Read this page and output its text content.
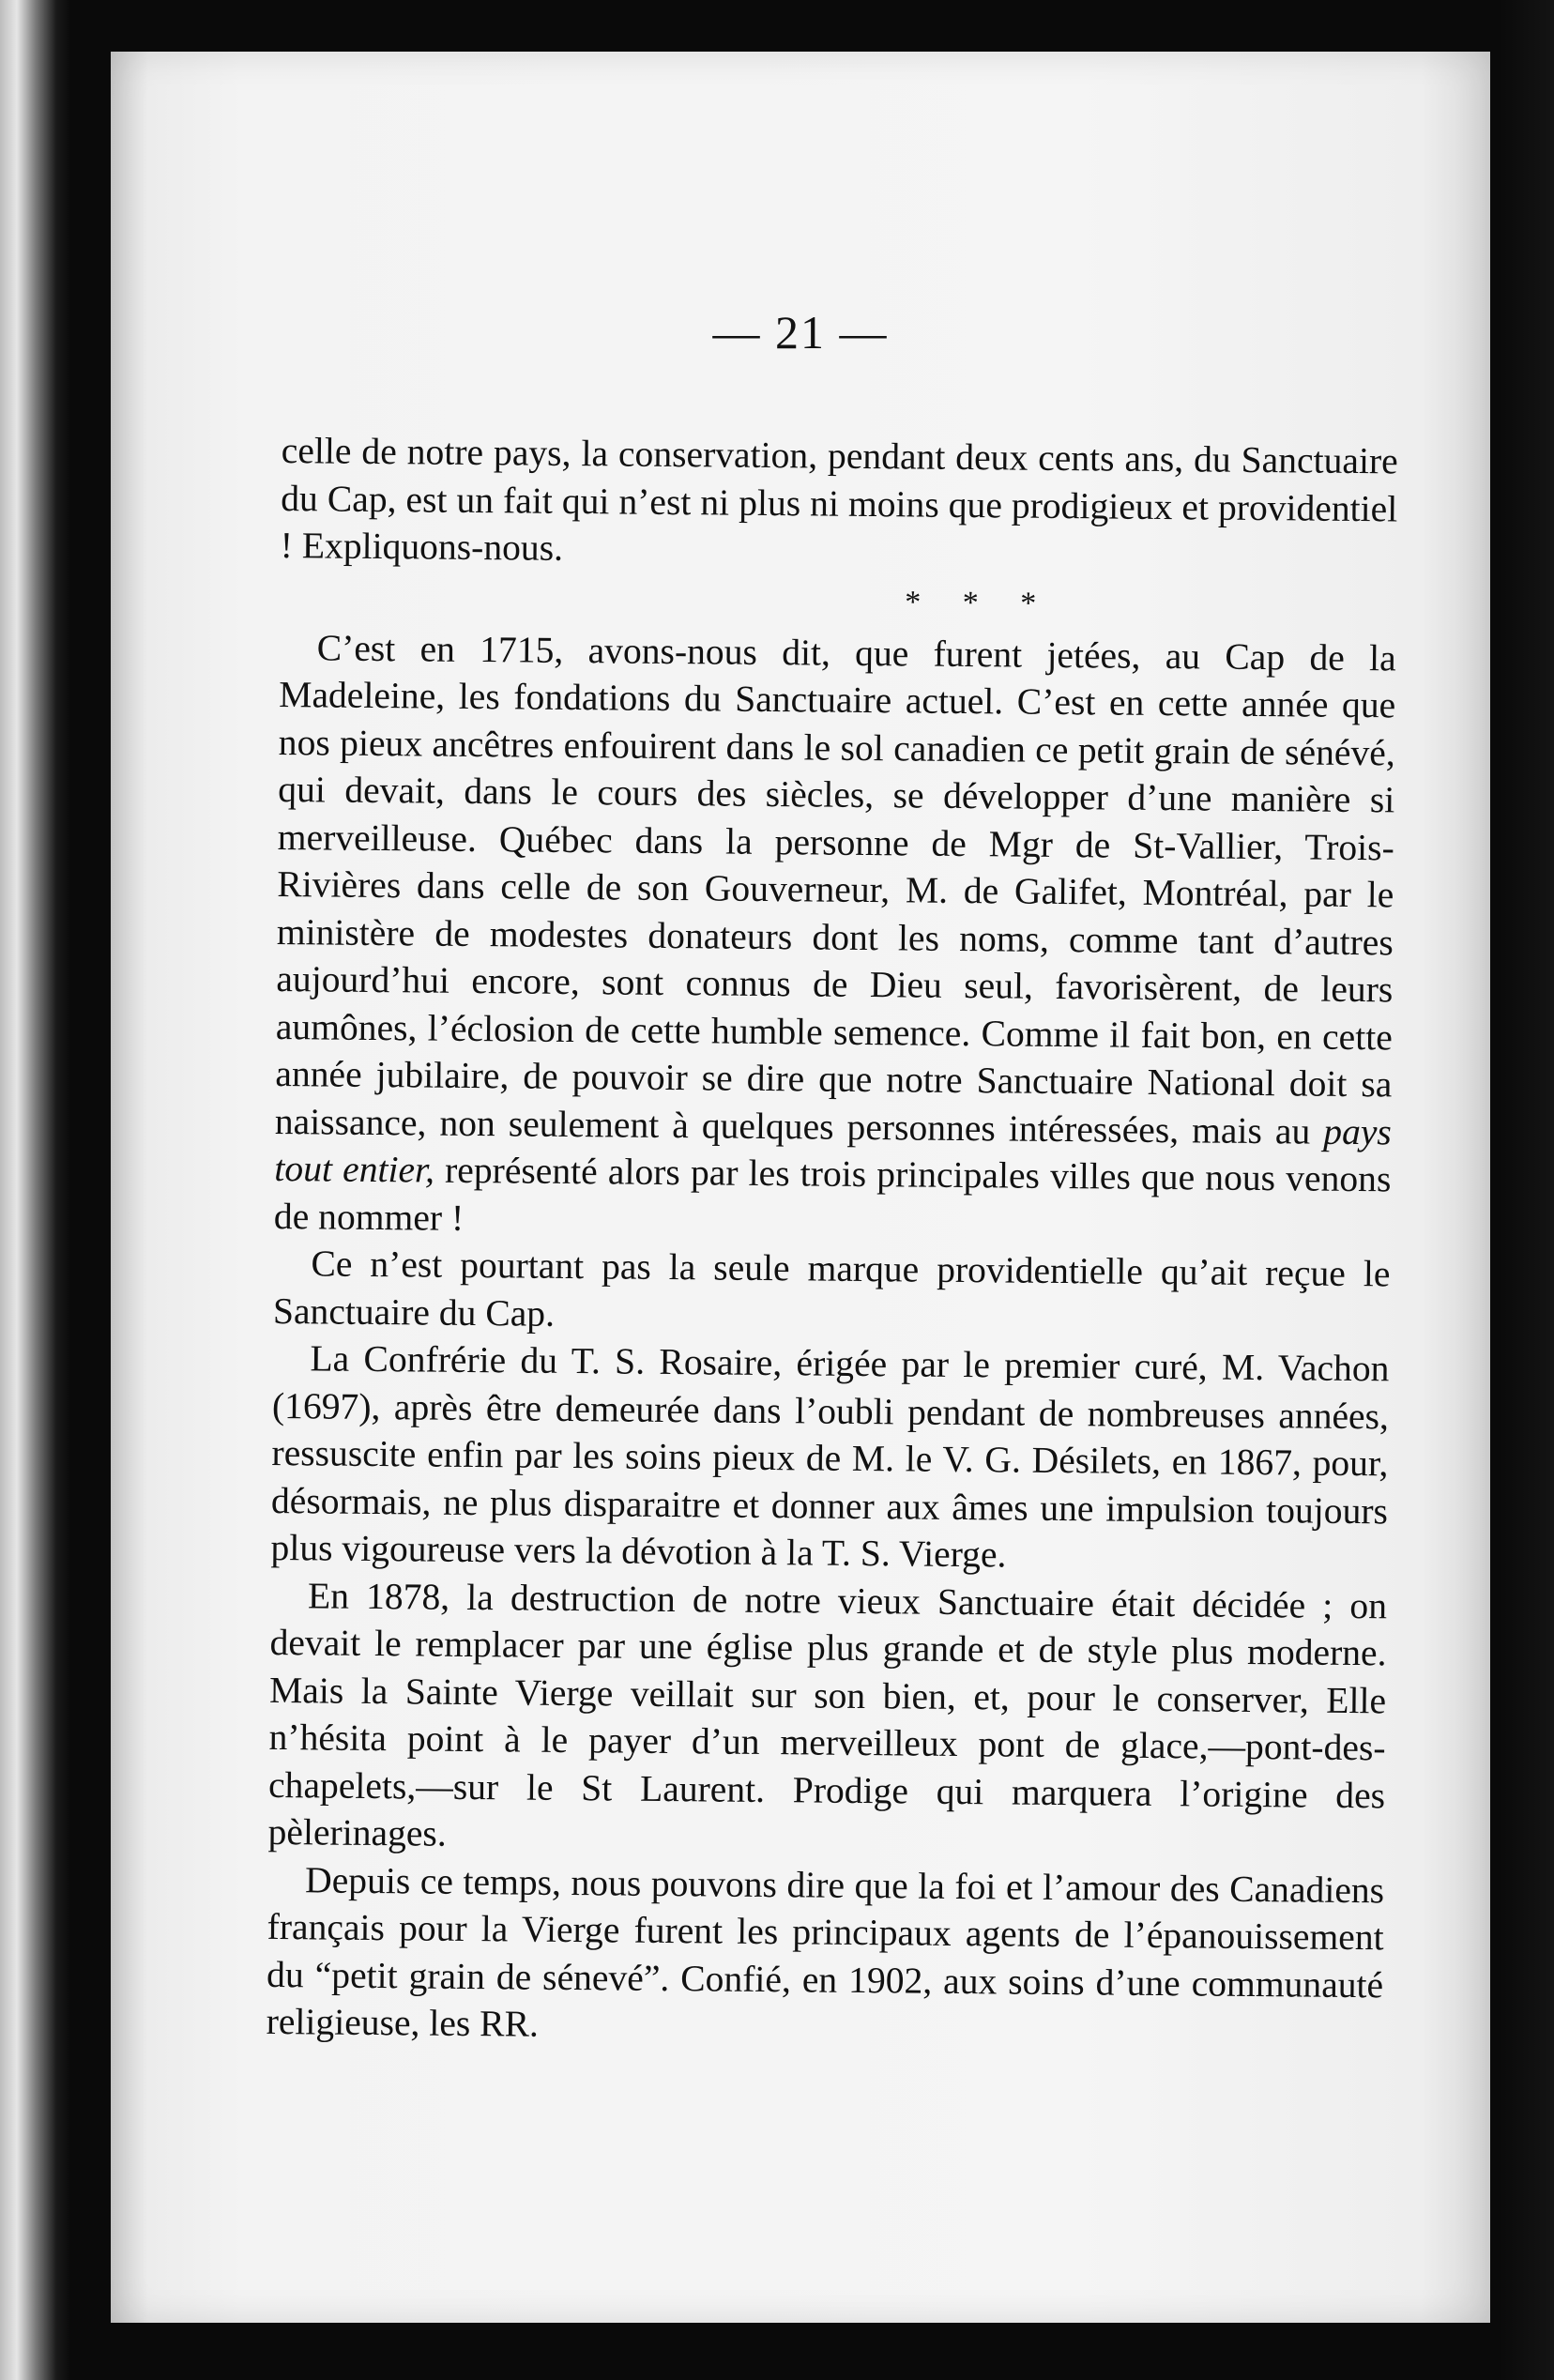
— 21 —

celle de notre pays, la conservation, pendant deux cents ans, du Sanctuaire du Cap, est un fait qui n’est ni plus ni moins que prodigieux et providentiel ! Expliquons-nous.

* * *

C’est en 1715, avons-nous dit, que furent jetées, au Cap de la Madeleine, les fondations du Sanctuaire actuel. C’est en cette année que nos pieux ancêtres enfouirent dans le sol canadien ce petit grain de sénévé, qui devait, dans le cours des siècles, se développer d’une manière si merveilleuse. Québec dans la personne de Mgr de St-Vallier, Trois-Rivières dans celle de son Gouverneur, M. de Galifet, Montréal, par le ministère de modestes donateurs dont les noms, comme tant d’autres aujourd’hui encore, sont connus de Dieu seul, favorisèrent, de leurs aumônes, l’éclosion de cette humble semence. Comme il fait bon, en cette année jubilaire, de pouvoir se dire que notre Sanctuaire National doit sa naissance, non seulement à quelques personnes intéressées, mais au pays tout entier, représenté alors par les trois principales villes que nous venons de nommer !

Ce n’est pourtant pas la seule marque providentielle qu’ait reçue le Sanctuaire du Cap.

La Confrérie du T. S. Rosaire, érigée par le premier curé, M. Vachon (1697), après être demeurée dans l’oubli pendant de nombreuses années, ressuscite enfin par les soins pieux de M. le V. G. Désilets, en 1867, pour, désormais, ne plus disparaitre et donner aux âmes une impulsion toujours plus vigoureuse vers la dévotion à la T. S. Vierge.

En 1878, la destruction de notre vieux Sanctuaire était décidée ; on devait le remplacer par une église plus grande et de style plus moderne. Mais la Sainte Vierge veillait sur son bien, et, pour le conserver, Elle n’hésita point à le payer d’un merveilleux pont de glace,—pont-des-chapelets,—sur le St Laurent. Prodige qui marquera l’origine des pèlerinages.

Depuis ce temps, nous pouvons dire que la foi et l’amour des Canadiens français pour la Vierge furent les principaux agents de l’épanouissement du “petit grain de sénevé”. Confié, en 1902, aux soins d’une communauté religieuse, les RR.
